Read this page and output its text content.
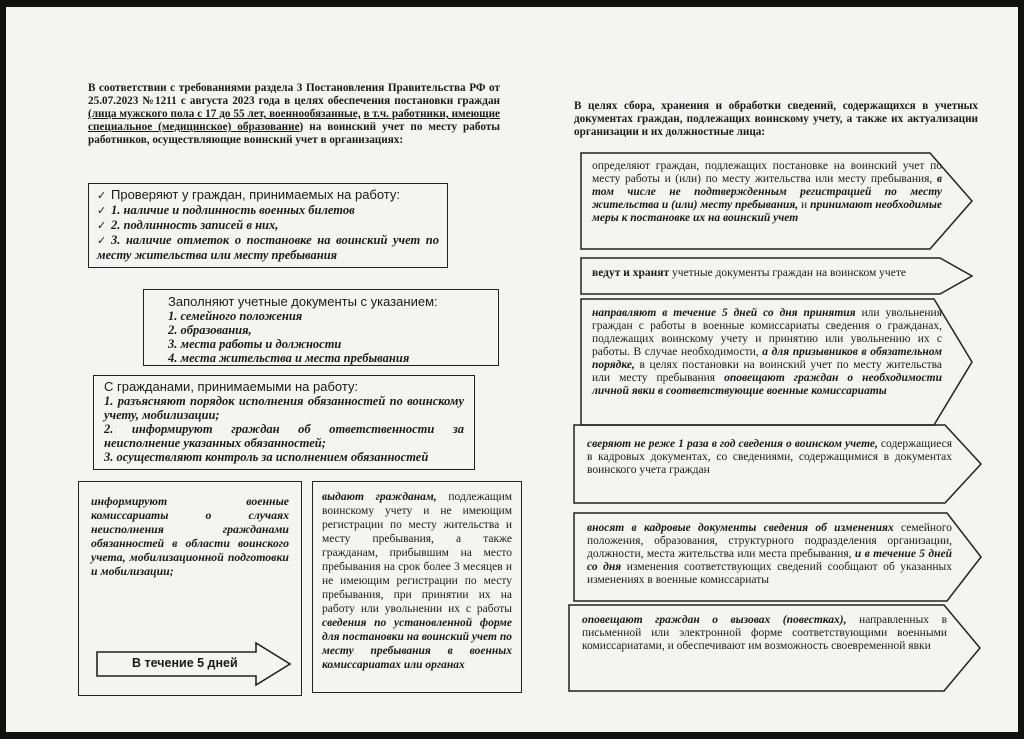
В соответствии с требованиями раздела 3 Постановления Правительства РФ от 25.07.2023 №1211 с августа 2023 года в целях обеспечения постановки граждан (лица мужского пола с 17 до 55 лет, военнообязанные, в т.ч. работники, имеющие специальное (медицинское) образование) на воинский учет по месту работы работников, осуществляющие воинский учет в организациях:
✓ Проверяют у граждан, принимаемых на работу:
✓ 1. наличие и подлинность военных билетов
✓ 2. подлинность записей в них,
✓ 3. наличие отметок о постановке на воинский учет по месту жительства или месту пребывания
Заполняют учетные документы с указанием:
1. семейного положения
2. образования,
3. места работы и должности
4. места жительства и места пребывания
С гражданами, принимаемыми на работу:
1. разъясняют порядок исполнения обязанностей по воинскому учету, мобилизации;
2. информируют граждан об ответственности за неисполнение указанных обязанностей;
3. осуществляют контроль за исполнением обязанностей
информируют военные комиссариаты о случаях неисполнения гражданами обязанностей в области воинского учета, мобилизационной подготовки и мобилизации;
В течение 5 дней
выдают гражданам, подлежащим воинскому учету и не имеющим регистрации по месту жительства и месту пребывания, а также гражданам, прибывшим на место пребывания на срок более 3 месяцев и не имеющим регистрации по месту пребывания, при принятии их на работу или увольнении их с работы сведения по установленной форме для постановки на воинский учет по месту пребывания в военных комиссариатах или органах
В целях сбора, хранения и обработки сведений, содержащихся в учетных документах граждан, подлежащих воинскому учету, а также их актуализации организации и их должностные лица:
определяют граждан, подлежащих постановке на воинский учет по месту работы и (или) по месту жительства или месту пребывания, в том числе не подтвержденным регистрацией по месту жительства и (или) месту пребывания, и принимают необходимые меры к постановке их на воинский учет
ведут и хранят учетные документы граждан на воинском учете
направляют в течение 5 дней со дня принятия или увольнения граждан с работы в военные комиссариаты сведения о гражданах, подлежащих воинскому учету и принятию или увольнению их с работы. В случае необходимости, а для призывников в обязательном порядке, в целях постановки на воинский учет по месту жительства или месту пребывания оповещают граждан о необходимости личной явки в соответствующие военные комиссариаты
сверяют не реже 1 раза в год сведения о воинском учете, содержащиеся в кадровых документах, со сведениями, содержащимися в документах воинского учета граждан
вносят в кадровые документы сведения об изменениях семейного положения, образования, структурного подразделения организации, должности, места жительства или места пребывания, и в течение 5 дней со дня изменения соответствующих сведений сообщают об указанных изменениях в военные комиссариаты
оповещают граждан о вызовах (повестках), направленных в письменной или электронной форме соответствующими военными комиссариатами, и обеспечивают им возможность своевременной явки
